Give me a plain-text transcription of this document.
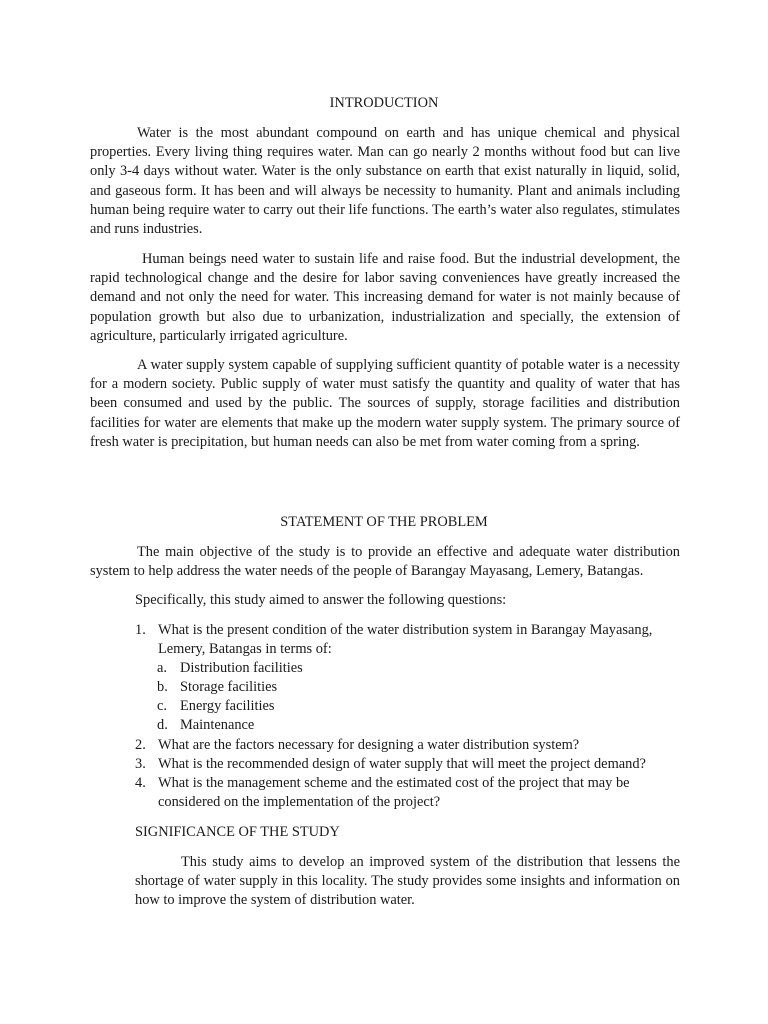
INTRODUCTION

Water is the most abundant compound on earth and has unique chemical and physical properties. Every living thing requires water. Man can go nearly 2 months without food but can live only 3-4 days without water. Water is the only substance on earth that exist naturally in liquid, solid, and gaseous form. It has been and will always be necessity to humanity. Plant and animals including human being require water to carry out their life functions. The earth’s water also regulates, stimulates and runs industries.

Human beings need water to sustain life and raise food. But the industrial development, the rapid technological change and the desire for labor saving conveniences have greatly increased the demand and not only the need for water. This increasing demand for water is not mainly because of population growth but also due to urbanization, industrialization and specially, the extension of agriculture, particularly irrigated agriculture.

A water supply system capable of supplying sufficient quantity of potable water is a necessity for a modern society. Public supply of water must satisfy the quantity and quality of water that has been consumed and used by the public. The sources of supply, storage facilities and distribution facilities for water are elements that make up the modern water supply system. The primary source of fresh water is precipitation, but human needs can also be met from water coming from a spring.

STATEMENT OF THE PROBLEM

The main objective of the study is to provide an effective and adequate water distribution system to help address the water needs of the people of Barangay Mayasang, Lemery, Batangas.

Specifically, this study aimed to answer the following questions:
1. What is the present condition of the water distribution system in Barangay Mayasang, Lemery, Batangas in terms of:
a. Distribution facilities
b. Storage facilities
c. Energy facilities
d. Maintenance
2. What are the factors necessary for designing a water distribution system?
3. What is the recommended design of water supply that will meet the project demand?
4. What is the management scheme and the estimated cost of the project that may be considered on the implementation of the project?
SIGNIFICANCE OF THE STUDY

This study aims to develop an improved system of the distribution that lessens the shortage of water supply in this locality. The study provides some insights and information on how to improve the system of distribution water.
